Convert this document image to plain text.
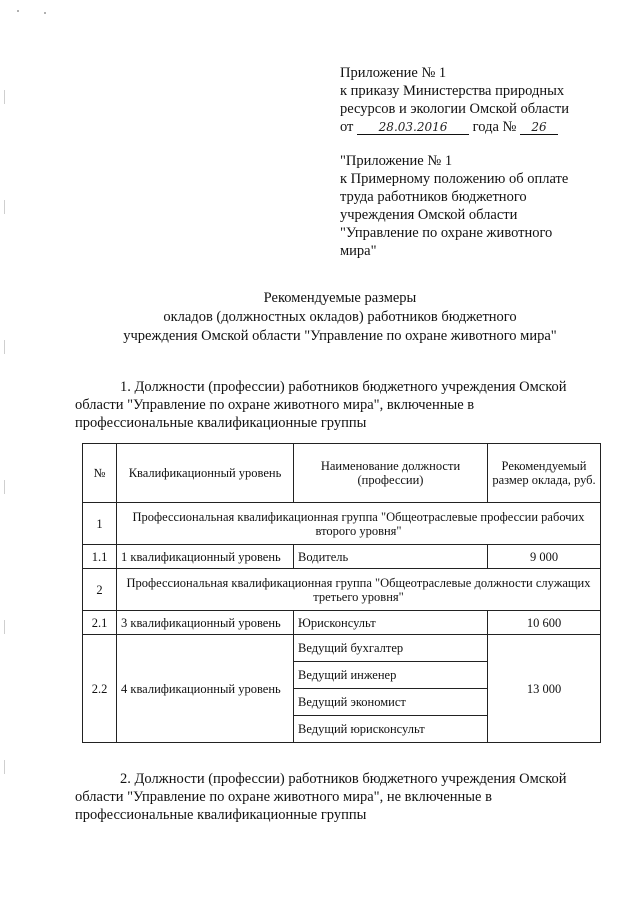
Приложение № 1
к приказу Министерства природных
ресурсов и экологии Омской области
от 28.03.2016 года № 26
"Приложение № 1
к Примерному положению об оплате
труда работников бюджетного
учреждения Омской области
"Управление по охране животного
мира"
Рекомендуемые размеры
окладов (должностных окладов) работников бюджетного
учреждения Омской области "Управление по охране животного мира"
1. Должности (профессии) работников бюджетного учреждения Омской
области "Управление по охране животного мира", включенные в
профессиональные квалификационные группы
№	Квалификационный уровень	Наименование должности (профессии)	Рекомендуемый размер оклада, руб.
1	Профессиональная квалификационная группа "Общеотраслевые профессии рабочих второго уровня"		
1.1	1 квалификационный уровень	Водитель	9 000
2	Профессиональная квалификационная группа "Общеотраслевые должности служащих третьего уровня"		
2.1	3 квалификационный уровень	Юрисконсульт	10 600
2.2	4 квалификационный уровень	Ведущий бухгалтер	13 000
		Ведущий инженер	
		Ведущий экономист	
		Ведущий юрисконсульт	
2. Должности (профессии) работников бюджетного учреждения Омской
области "Управление по охране животного мира", не включенные в
профессиональные квалификационные группы
